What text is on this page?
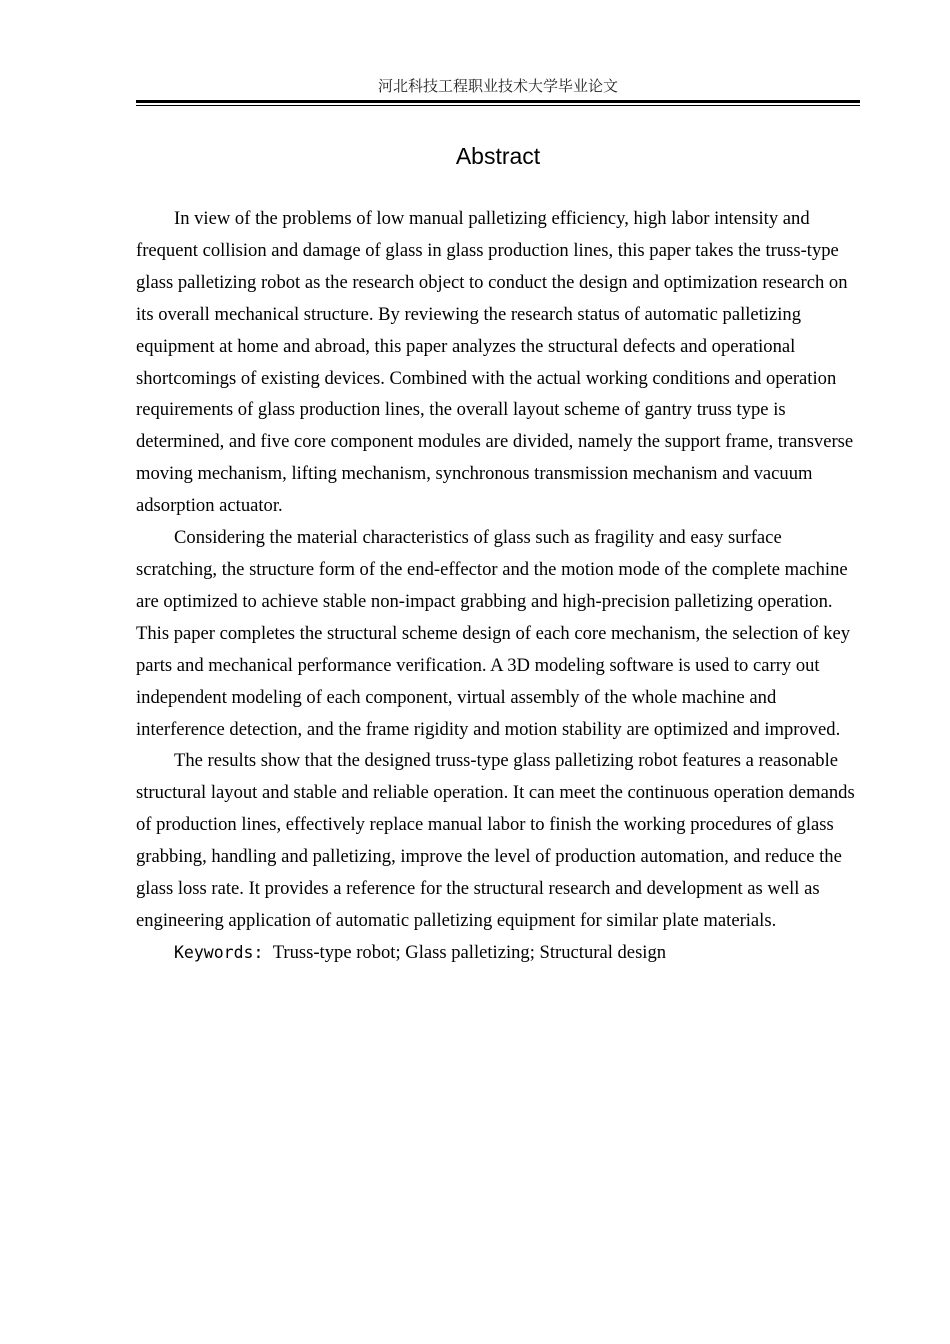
河北科技工程职业技术大学毕业论文
Abstract

In view of the problems of low manual palletizing efficiency, high labor intensity and frequent collision and damage of glass in glass production lines, this paper takes the truss-type glass palletizing robot as the research object to conduct the design and optimization research on its overall mechanical structure. By reviewing the research status of automatic palletizing equipment at home and abroad, this paper analyzes the structural defects and operational shortcomings of existing devices. Combined with the actual working conditions and operation requirements of glass production lines, the overall layout scheme of gantry truss type is determined, and five core component modules are divided, namely the support frame, transverse moving mechanism, lifting mechanism, synchronous transmission mechanism and vacuum adsorption actuator.

Considering the material characteristics of glass such as fragility and easy surface scratching, the structure form of the end-effector and the motion mode of the complete machine are optimized to achieve stable non-impact grabbing and high-precision palletizing operation. This paper completes the structural scheme design of each core mechanism, the selection of key parts and mechanical performance verification. A 3D modeling software is used to carry out independent modeling of each component, virtual assembly of the whole machine and interference detection, and the frame rigidity and motion stability are optimized and improved.

The results show that the designed truss-type glass palletizing robot features a reasonable structural layout and stable and reliable operation. It can meet the continuous operation demands of production lines, effectively replace manual labor to finish the working procedures of glass grabbing, handling and palletizing, improve the level of production automation, and reduce the glass loss rate. It provides a reference for the structural research and development as well as engineering application of automatic palletizing equipment for similar plate materials.

Keywords: Truss-type robot; Glass palletizing; Structural design
